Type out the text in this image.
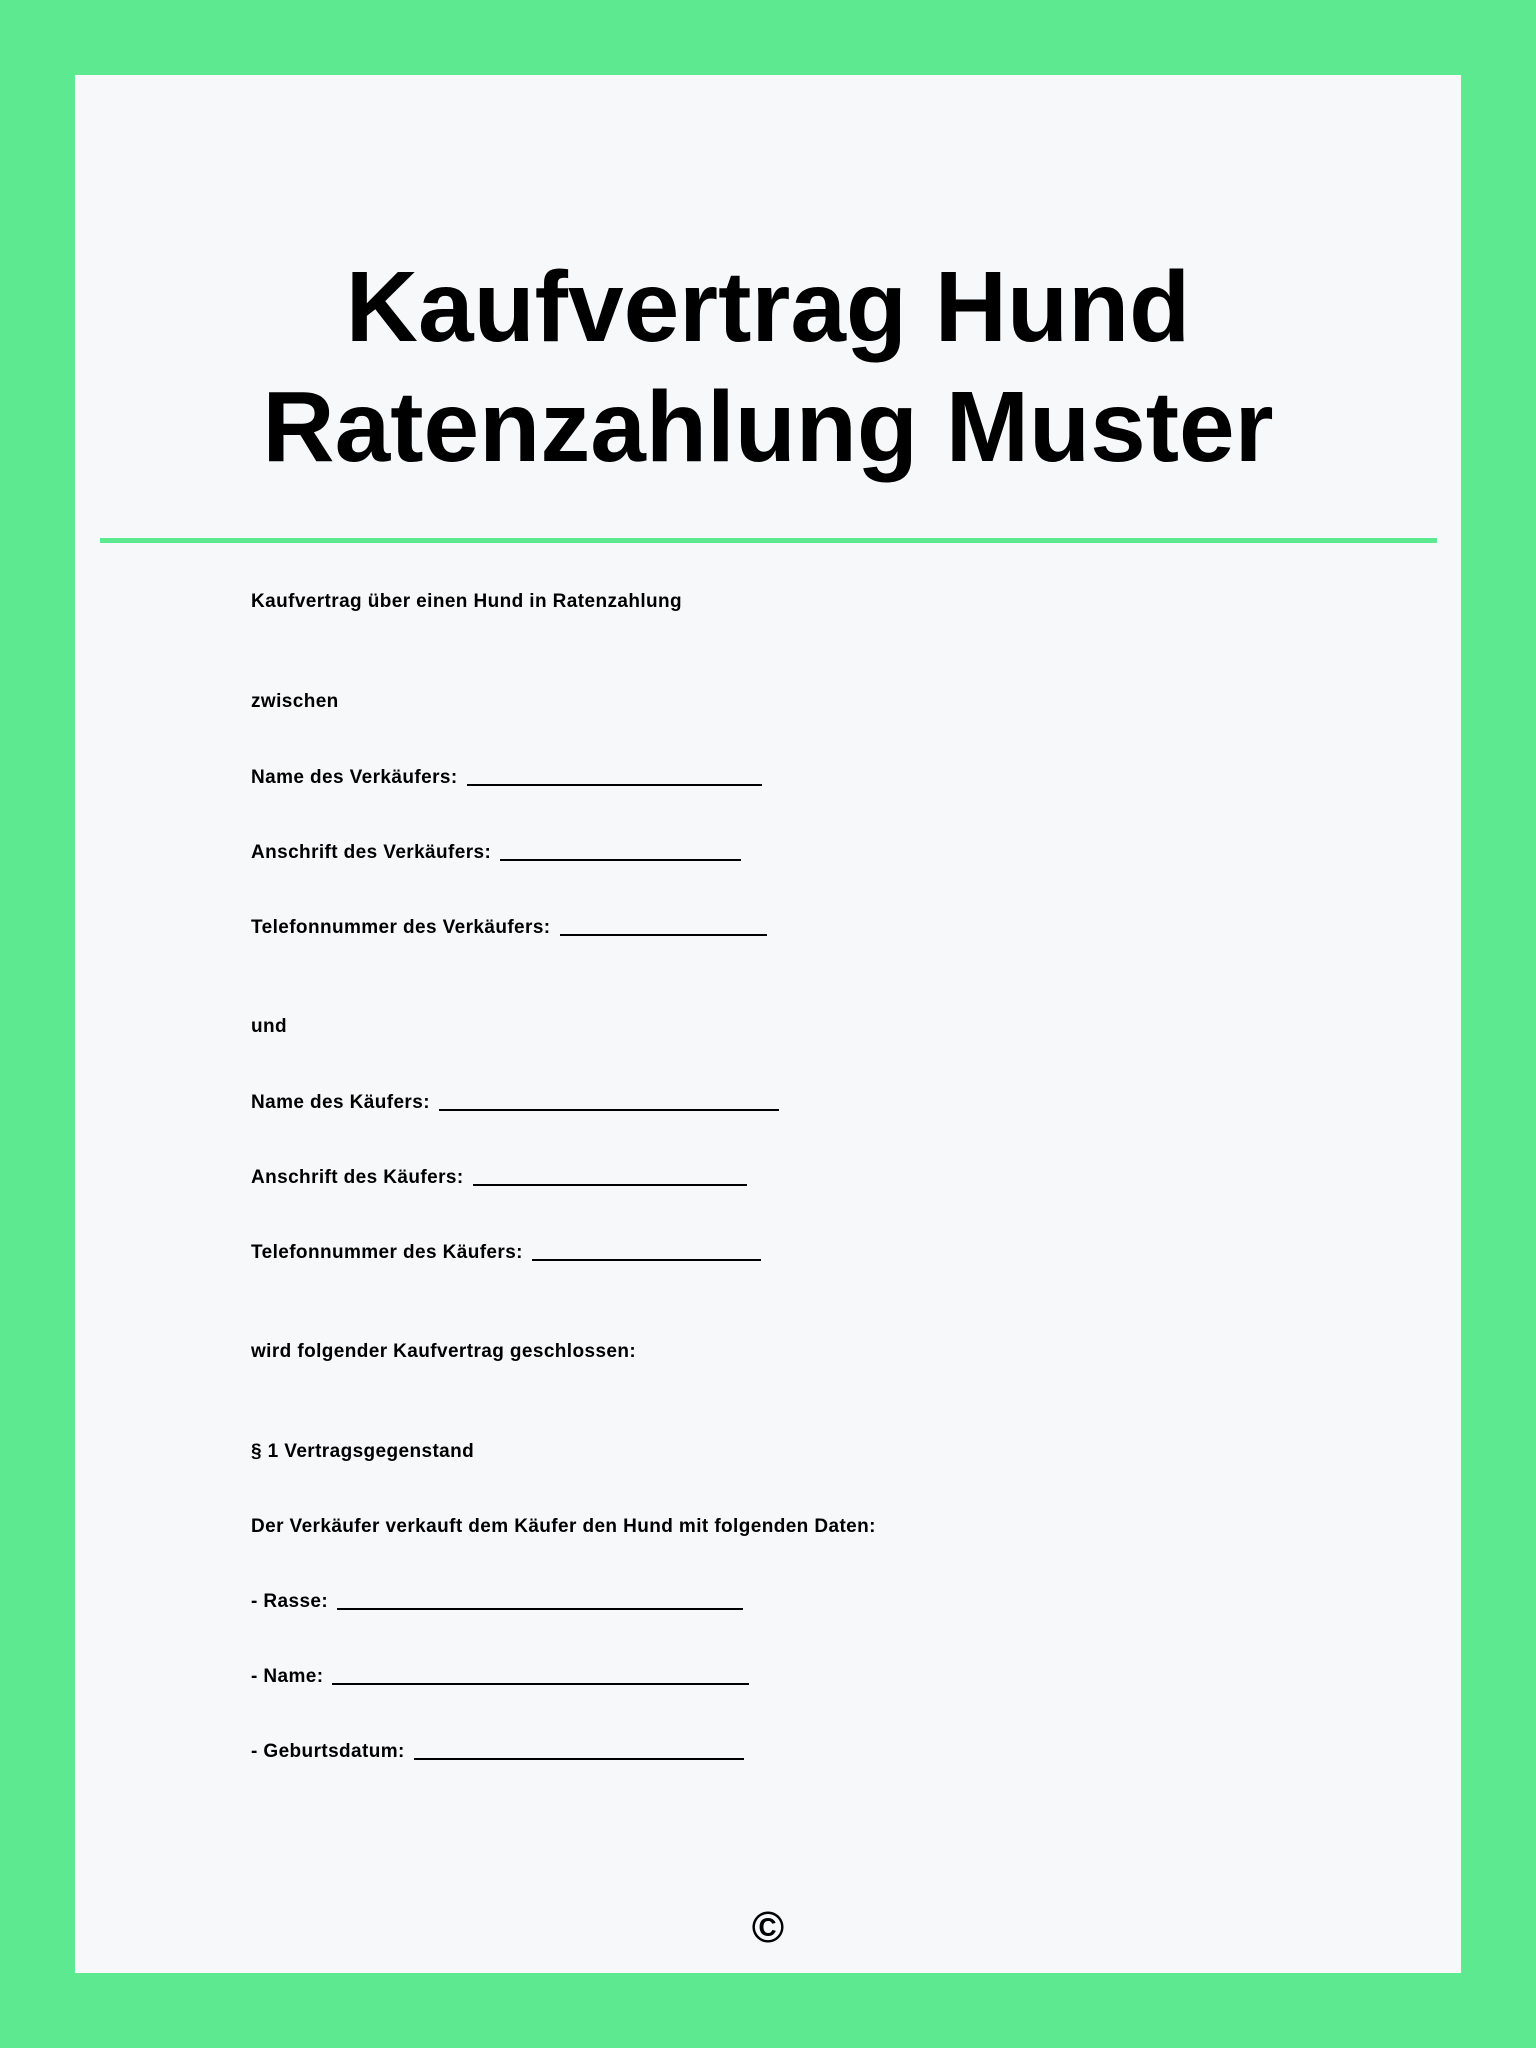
Kaufvertrag Hund
Ratenzahlung Muster
Kaufvertrag über einen Hund in Ratenzahlung
zwischen
Name des Verkäufers:
Anschrift des Verkäufers:
Telefonnummer des Verkäufers:
und
Name des Käufers:
Anschrift des Käufers:
Telefonnummer des Käufers:
wird folgender Kaufvertrag geschlossen:
§ 1 Vertragsgegenstand
Der Verkäufer verkauft dem Käufer den Hund mit folgenden Daten:
- Rasse:
- Name:
- Geburtsdatum:
©
